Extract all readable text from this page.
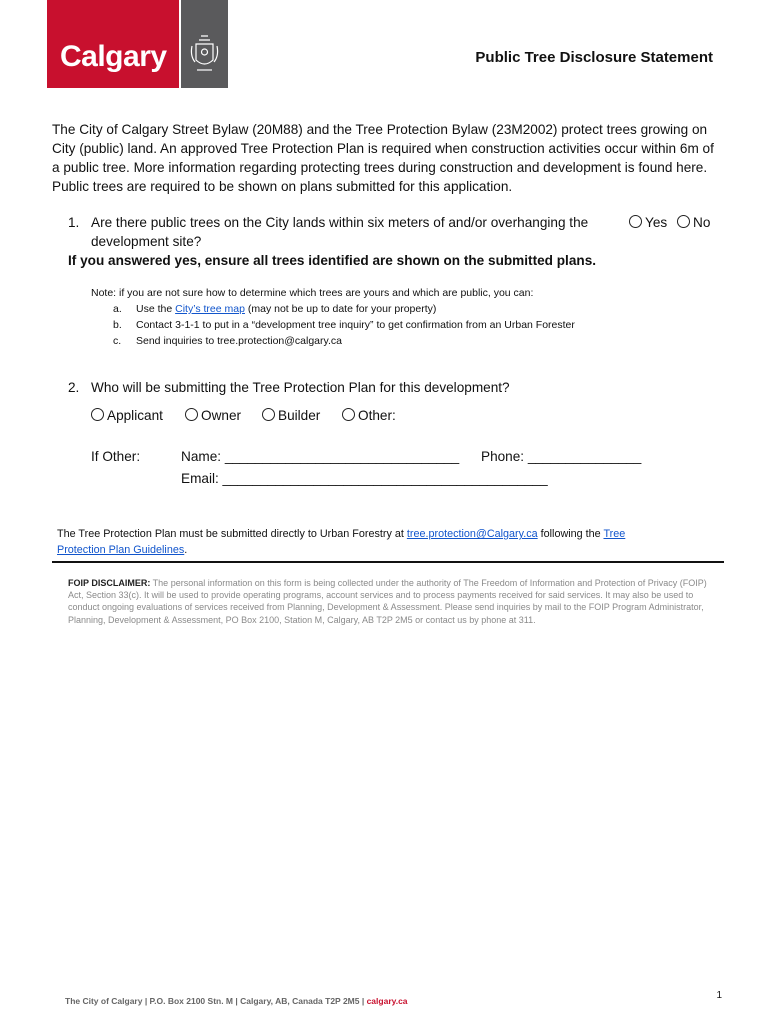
Calgary	Public Tree Disclosure Statement
The City of Calgary Street Bylaw (20M88) and the Tree Protection Bylaw (23M2002) protect trees growing on City (public) land. An approved Tree Protection Plan is required when construction activities occur within 6m of a public tree. More information regarding protecting trees during construction and development is found here. Public trees are required to be shown on plans submitted for this application.
1. Are there public trees on the City lands within six meters of and/or overhanging the
development site?
Yes	No
If you answered yes, ensure all trees identified are shown on the submitted plans.
Note: if you are not sure how to determine which trees are yours and which are public, you can:
a. Use the City’s tree map (may not be up to date for your property)
b. Contact 3-1-1 to put in a “development tree inquiry” to get confirmation from an Urban Forester
c. Send inquiries to tree.protection@calgary.ca
2. Who will be submitting the Tree Protection Plan for this development?
Applicant	Owner	Builder	Other:
If Other:	Name: _______________________________ Phone: _______________
Email: ___________________________________________
The Tree Protection Plan must be submitted directly to Urban Forestry at tree.protection@Calgary.ca following the Tree
Protection Plan Guidelines.
FOIP DISCLAIMER: The personal information on this form is being collected under the authority of The Freedom of Information and Protection of Privacy (FOIP) Act, Section 33(c). It will be used to provide operating programs, account services and to process payments received for said services. It may also be used to conduct ongoing evaluations of services received from Planning, Development & Assessment. Please send inquiries by mail to the FOIP Program Administrator, Planning, Development & Assessment, PO Box 2100, Station M, Calgary, AB T2P 2M5 or contact us by phone at 311.
The City of Calgary | P.O. Box 2100 Stn. M | Calgary, AB, Canada T2P 2M5 | calgary.ca	1
